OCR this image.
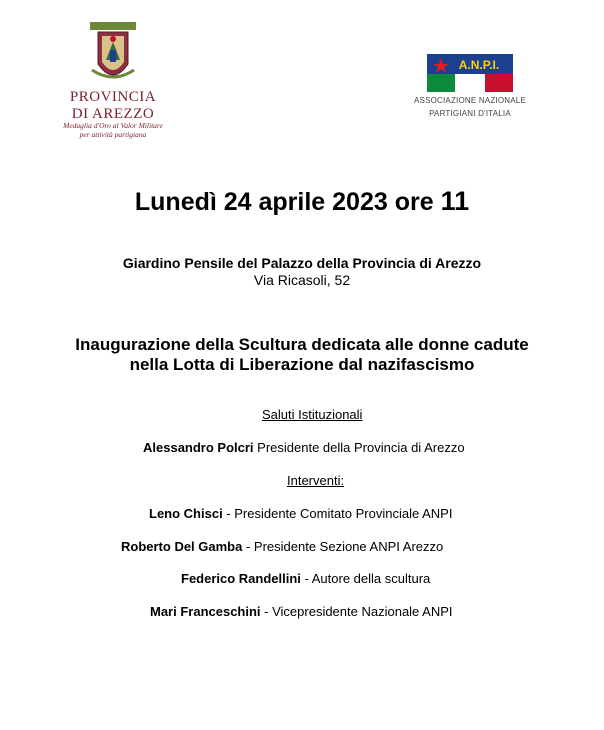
PROVINCIA
DI AREZZO
Medaglia d'Oro al Valor Militare
per attività partigiana
A.N.P.I.
ASSOCIAZIONE NAZIONALE
PARTIGIANI D'ITALIA
Lunedì 24 aprile 2023 ore 11
Giardino Pensile del Palazzo della Provincia di Arezzo
Via Ricasoli, 52
Inaugurazione della Scultura dedicata alle donne cadute
nella Lotta di Liberazione dal nazifascismo
Saluti Istituzionali
Alessandro Polcri Presidente della Provincia di Arezzo
Interventi:
Leno Chisci - Presidente Comitato Provinciale ANPI
Roberto Del Gamba - Presidente Sezione ANPI Arezzo
Federico Randellini - Autore della scultura
Mari Franceschini - Vicepresidente Nazionale ANPI
